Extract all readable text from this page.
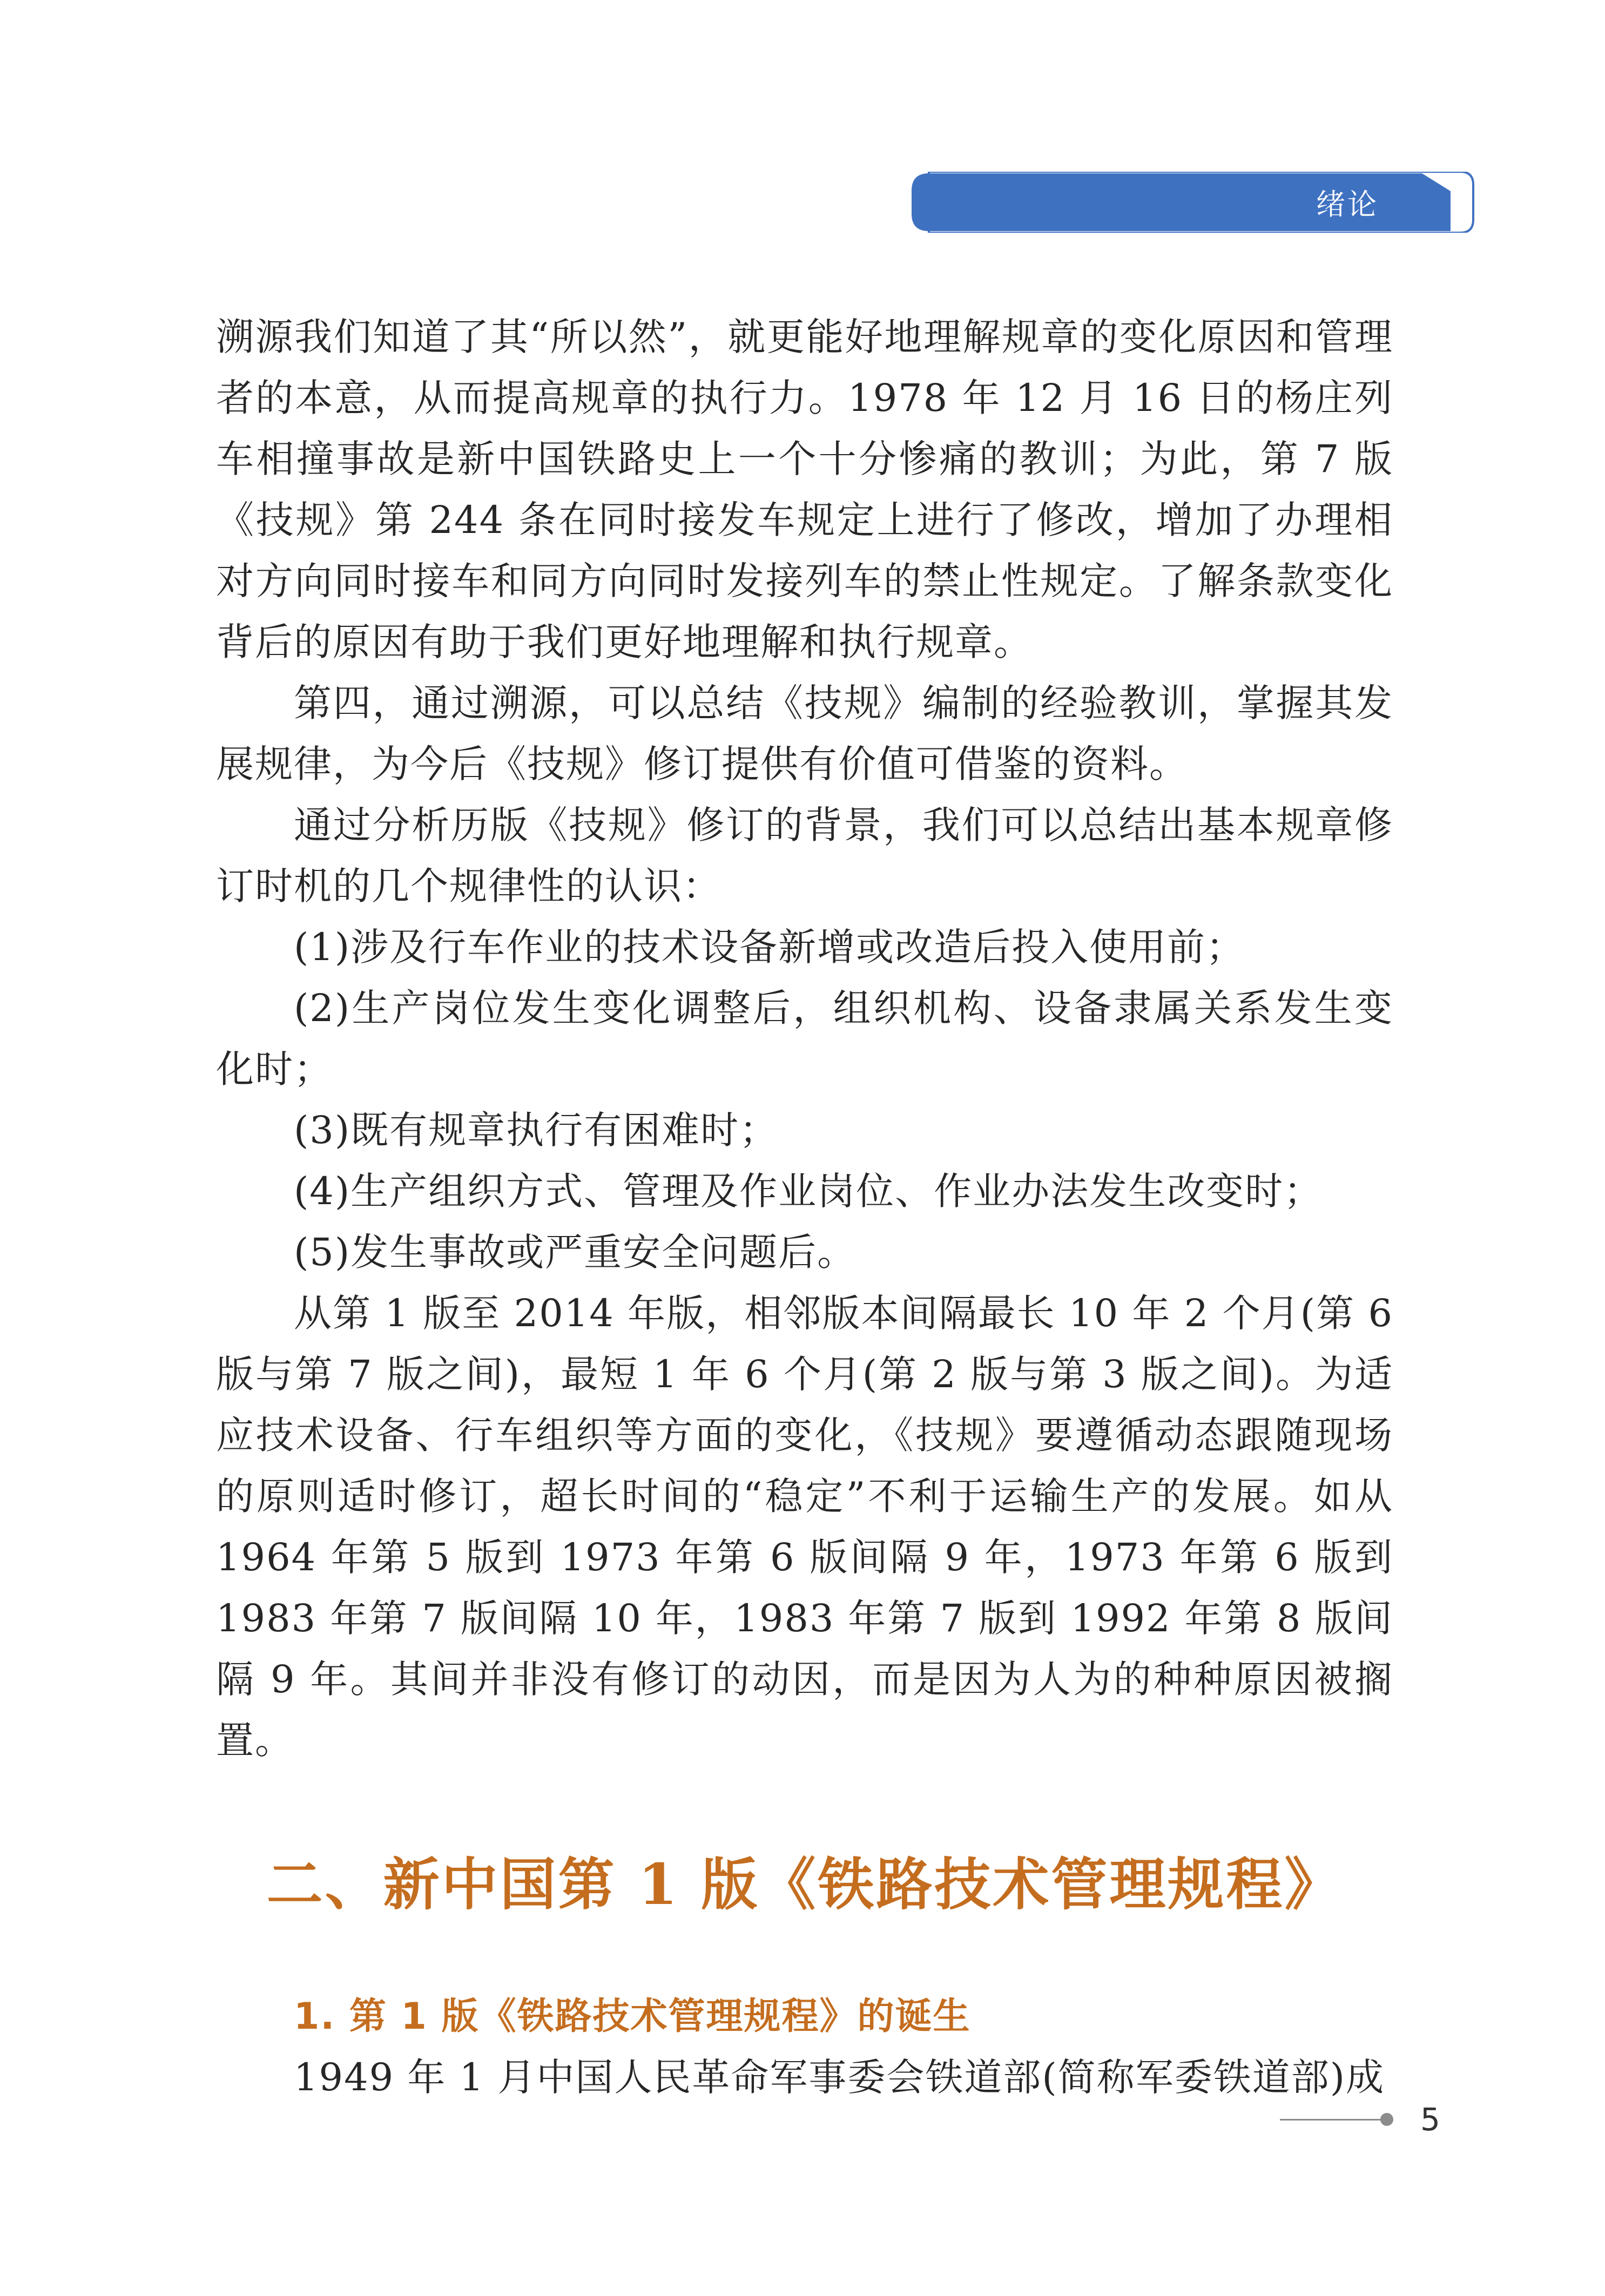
绪论

溯源我们知道了其“所以然”，就更能好地理解规章的变化原因和管理者的本意，从而提高规章的执行力。1978 年 12 月 16 日的杨庄列车相撞事故是新中国铁路史上一个十分惨痛的教训；为此，第 7 版《技规》第 244 条在同时接发车规定上进行了修改，增加了办理相对方向同时接车和同方向同时发接列车的禁止性规定。了解条款变化背后的原因有助于我们更好地理解和执行规章。

第四，通过溯源，可以总结《技规》编制的经验教训，掌握其发展规律，为今后《技规》修订提供有价值可借鉴的资料。

通过分析历版《技规》修订的背景，我们可以总结出基本规章修订时机的几个规律性的认识：

(1)涉及行车作业的技术设备新增或改造后投入使用前；

(2)生产岗位发生变化调整后，组织机构、设备隶属关系发生变化时；

(3)既有规章执行有困难时；

(4)生产组织方式、管理及作业岗位、作业办法发生改变时；

(5)发生事故或严重安全问题后。

从第 1 版至 2014 年版，相邻版本间隔最长 10 年 2 个月(第 6 版与第 7 版之间)，最短 1 年 6 个月(第 2 版与第 3 版之间)。为适应技术设备、行车组织等方面的变化，《技规》要遵循动态跟随现场的原则适时修订，超长时间的“稳定”不利于运输生产的发展。如从 1964 年第 5 版到 1973 年第 6 版间隔 9 年，1973 年第 6 版到 1983 年第 7 版间隔 10 年，1983 年第 7 版到 1992 年第 8 版间隔 9 年。其间并非没有修订的动因，而是因为人为的种种原因被搁置。

二、新中国第 1 版《铁路技术管理规程》
1. 第 1 版《铁路技术管理规程》的诞生

1949 年 1 月中国人民革命军事委会铁道部(简称军委铁道部)成

5
